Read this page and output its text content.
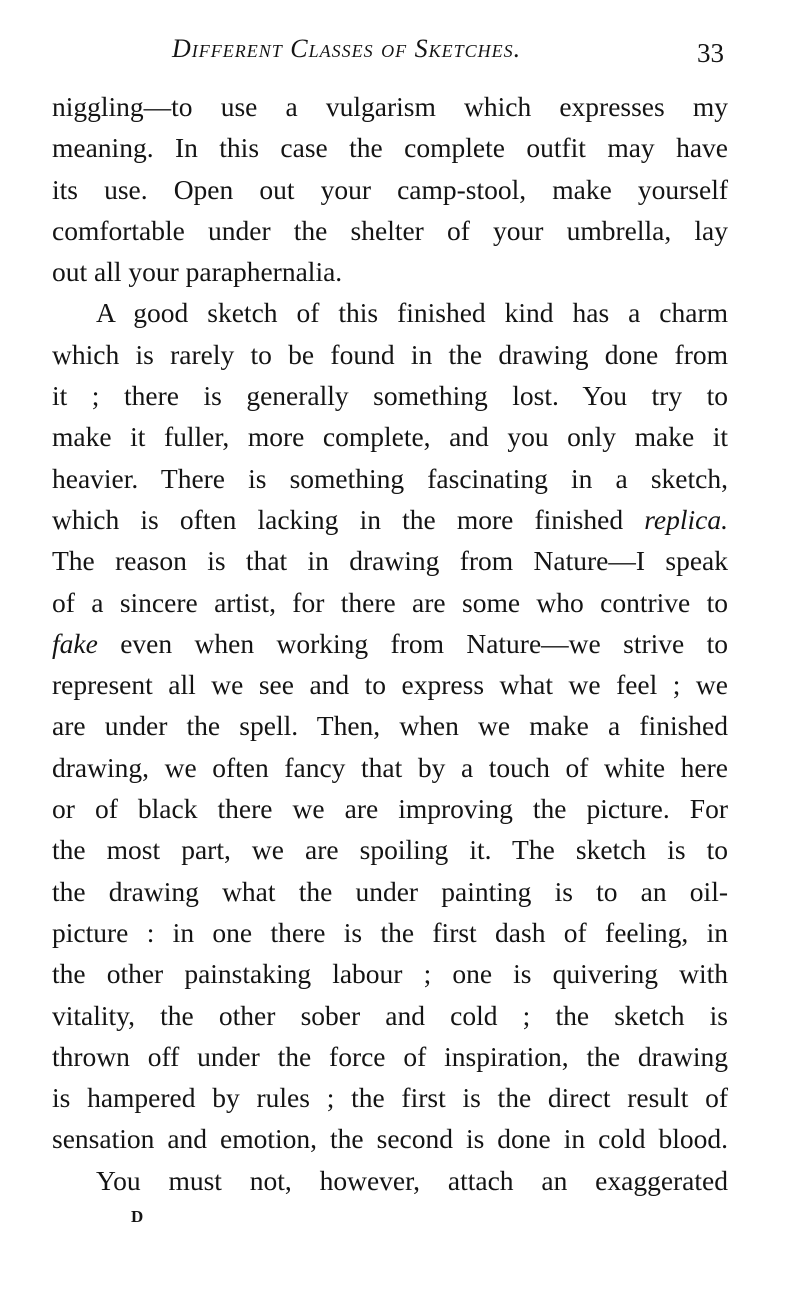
Different Classes of Sketches.	33
niggling—to use a vulgarism which expresses my
meaning. In this case the complete outfit may have
its use. Open out your camp-stool, make yourself
comfortable under the shelter of your umbrella, lay
out all your paraphernalia.
A good sketch of this finished kind has a charm
which is rarely to be found in the drawing done from
it ; there is generally something lost. You try to
make it fuller, more complete, and you only make it
heavier. There is something fascinating in a sketch,
which is often lacking in the more finished replica.
The reason is that in drawing from Nature—I speak
of a sincere artist, for there are some who contrive to
fake even when working from Nature—we strive to
represent all we see and to express what we feel ; we
are under the spell. Then, when we make a finished
drawing, we often fancy that by a touch of white here
or of black there we are improving the picture. For
the most part, we are spoiling it. The sketch is to
the drawing what the under painting is to an oil-
picture : in one there is the first dash of feeling, in
the other painstaking labour ; one is quivering with
vitality, the other sober and cold ; the sketch is
thrown off under the force of inspiration, the drawing
is hampered by rules ; the first is the direct result of
sensation and emotion, the second is done in cold blood.
You must not, however, attach an exaggerated
D
